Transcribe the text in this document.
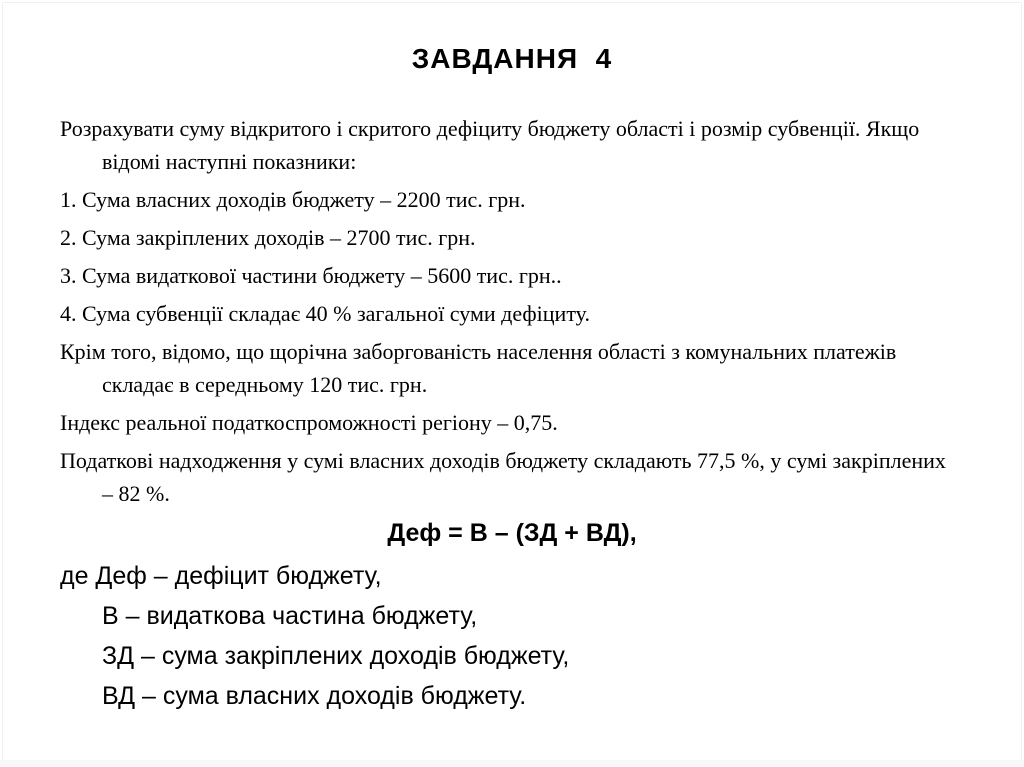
ЗАВДАННЯ  4

Розрахувати суму відкритого і скритого дефіциту бюджету області і розмір субвенції. Якщо відомі наступні показники:

1. Сума власних доходів бюджету – 2200 тис. грн.

2. Сума закріплених доходів – 2700 тис. грн.

3. Сума видаткової частини бюджету – 5600 тис. грн..

4. Сума субвенції складає 40 % загальної суми дефіциту.

Крім того, відомо, що щорічна заборгованість населення області з комунальних платежів складає в середньому 120 тис. грн.

Індекс реальної податкоспроможності регіону – 0,75.

Податкові надходження у сумі власних доходів бюджету складають 77,5 %, у сумі закріплених – 82 %.

Деф = В – (ЗД + ВД),

де Деф – дефіцит бюджету,

В – видаткова частина бюджету,

ЗД – сума закріплених доходів бюджету,

ВД – сума власних доходів бюджету.
